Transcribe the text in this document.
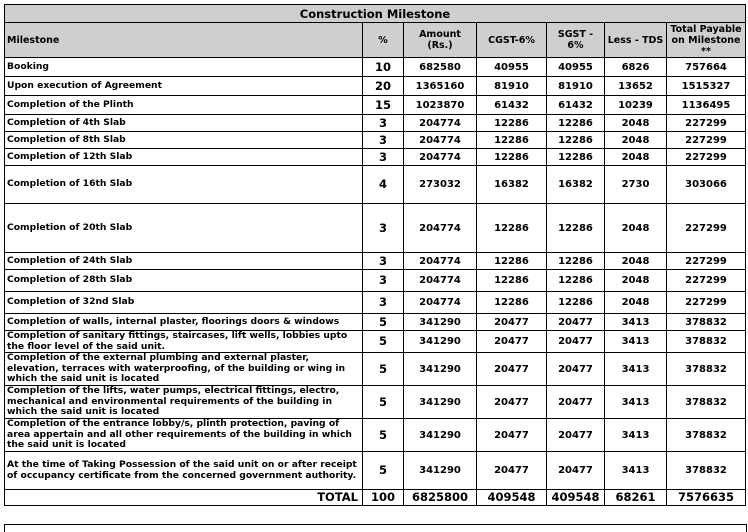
Construction Milestone						
Milestone	%	Amount (Rs.)	CGST-6%	SGST - 6%	Less - TDS	Total Payable on Milestone **
Booking	10	682580	40955	40955	6826	757664
Upon execution of Agreement	20	1365160	81910	81910	13652	1515327
Completion of the Plinth	15	1023870	61432	61432	10239	1136495
Completion of 4th Slab	3	204774	12286	12286	2048	227299
Completion of 8th Slab	3	204774	12286	12286	2048	227299
Completion of 12th Slab	3	204774	12286	12286	2048	227299
Completion of 16th Slab	4	273032	16382	16382	2730	303066
Completion of 20th Slab	3	204774	12286	12286	2048	227299
Completion of 24th Slab	3	204774	12286	12286	2048	227299
Completion of 28th Slab	3	204774	12286	12286	2048	227299
Completion of 32nd Slab	3	204774	12286	12286	2048	227299
Completion of walls, internal plaster, floorings doors & windows	5	341290	20477	20477	3413	378832
Completion of sanitary fittings, staircases, lift wells, lobbies upto the floor level of the said unit.	5	341290	20477	20477	3413	378832
Completion of the external plumbing and external plaster, elevation, terraces with waterproofing, of the building or wing in which the said unit is located	5	341290	20477	20477	3413	378832
Completion of the lifts, water pumps, electrical fittings, electro, mechanical and environmental requirements of the building in which the said unit is located	5	341290	20477	20477	3413	378832
Completion of the entrance lobby/s, plinth protection, paving of area appertain and all other requirements of the building in which the said unit is located	5	341290	20477	20477	3413	378832
At the time of Taking Possession of the said unit on or after receipt of occupancy certificate from the concerned government authority.	5	341290	20477	20477	3413	378832
TOTAL	100	6825800	409548	409548	68261	7576635
